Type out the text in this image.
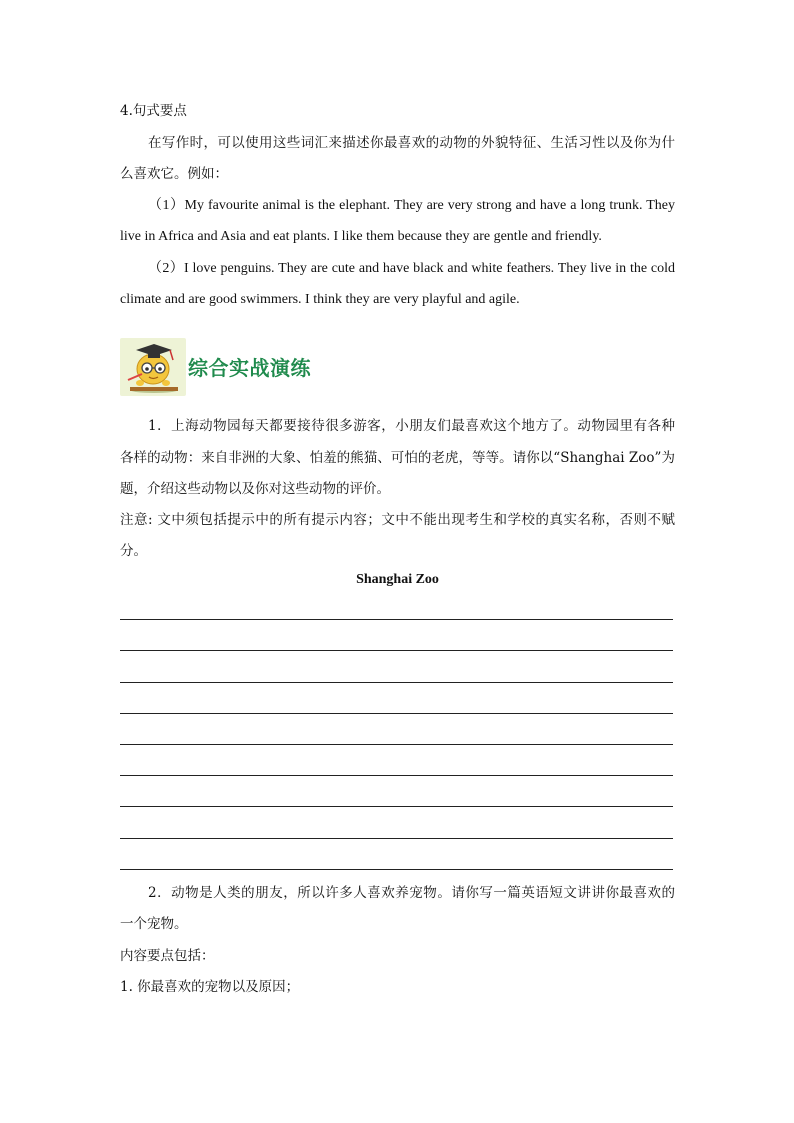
4.句式要点
在写作时，可以使用这些词汇来描述你最喜欢的动物的外貌特征、生活习性以及你为什
么喜欢它。例如：
（1）My favourite animal is the elephant. They are very strong and have a long trunk. They
live in Africa and Asia and eat plants. I like them because they are gentle and friendly.
（2）I love penguins. They are cute and have black and white feathers. They live in the cold
climate and are good swimmers. I think they are very playful and agile.
综合实战演练
1．上海动物园每天都要接待很多游客，小朋友们最喜欢这个地方了。动物园里有各种
各样的动物：来自非洲的大象、怕羞的熊猫、可怕的老虎，等等。请你以“Shanghai Zoo”为
题，介绍这些动物以及你对这些动物的评价。
注意: 文中须包括提示中的所有提示内容；文中不能出现考生和学校的真实名称，否则不赋
分。
Shanghai Zoo
2．动物是人类的朋友，所以许多人喜欢养宠物。请你写一篇英语短文讲讲你最喜欢的
一个宠物。
内容要点包括：
1. 你最喜欢的宠物以及原因；
